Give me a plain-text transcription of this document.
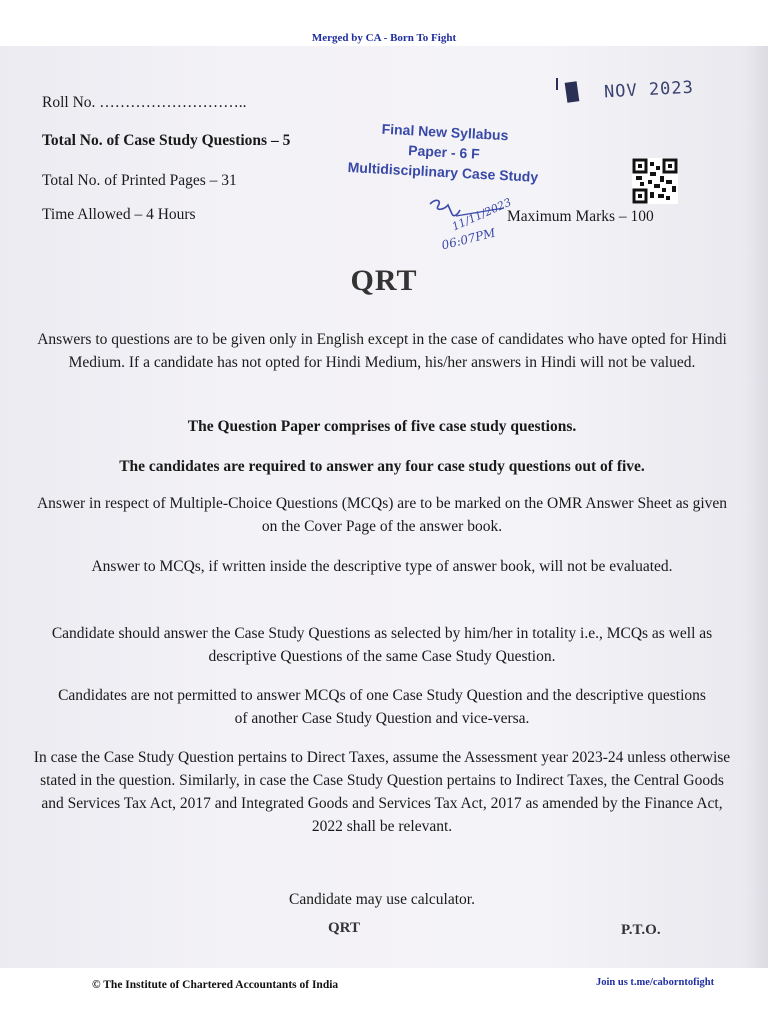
Merged by CA - Born To Fight
Roll No. ………………………..
Total No. of Case Study Questions – 5
Total No. of Printed Pages – 31
Time Allowed – 4 Hours
NOV 2023
Final New Syllabus
Paper - 6 F
Multidisciplinary Case Study
11/11/2023
06:07PM
Maximum Marks – 100
QRT
Answers to questions are to be given only in English except in the case of candidates who have opted for Hindi Medium. If a candidate has not opted for Hindi Medium, his/her answers in Hindi will not be valued.
The Question Paper comprises of five case study questions.
The candidates are required to answer any four case study questions out of five.
Answer in respect of Multiple-Choice Questions (MCQs) are to be marked on the OMR Answer Sheet as given on the Cover Page of the answer book.
Answer to MCQs, if written inside the descriptive type of answer book, will not be evaluated.
Candidate should answer the Case Study Questions as selected by him/her in totality i.e., MCQs as well as descriptive Questions of the same Case Study Question.
Candidates are not permitted to answer MCQs of one Case Study Question and the descriptive questions of another Case Study Question and vice-versa.
In case the Case Study Question pertains to Direct Taxes, assume the Assessment year 2023-24 unless otherwise stated in the question. Similarly, in case the Case Study Question pertains to Indirect Taxes, the Central Goods and Services Tax Act, 2017 and Integrated Goods and Services Tax Act, 2017 as amended by the Finance Act, 2022 shall be relevant.
Candidate may use calculator.
QRT	P.T.O.
© The Institute of Chartered Accountants of India	Join us t.me/caborntofight
